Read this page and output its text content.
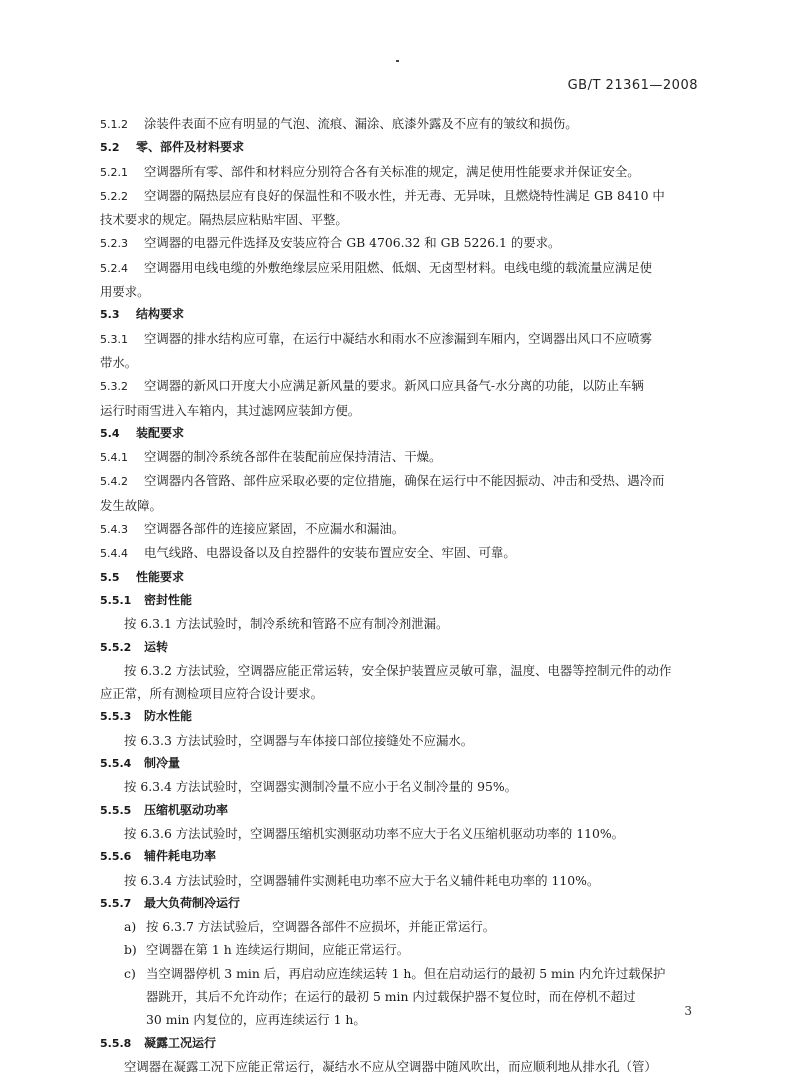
GB/T 21361—2008
5.1.2 涂装件表面不应有明显的气泡、流痕、漏涂、底漆外露及不应有的皱纹和损伤。
5.2 零、部件及材料要求
5.2.1 空调器所有零、部件和材料应分别符合各有关标准的规定，满足使用性能要求并保证安全。
5.2.2 空调器的隔热层应有良好的保温性和不吸水性，并无毒、无异味，且燃烧特性满足 GB 8410 中
技术要求的规定。隔热层应粘贴牢固、平整。
5.2.3 空调器的电器元件选择及安装应符合 GB 4706.32 和 GB 5226.1 的要求。
5.2.4 空调器用电线电缆的外敷绝缘层应采用阻燃、低烟、无卤型材料。电线电缆的载流量应满足使
用要求。
5.3 结构要求
5.3.1 空调器的排水结构应可靠，在运行中凝结水和雨水不应渗漏到车厢内，空调器出风口不应喷雾
带水。
5.3.2 空调器的新风口开度大小应满足新风量的要求。新风口应具备气-水分离的功能，以防止车辆
运行时雨雪进入车箱内，其过滤网应装卸方便。
5.4 装配要求
5.4.1 空调器的制冷系统各部件在装配前应保持清洁、干燥。
5.4.2 空调器内各管路、部件应采取必要的定位措施，确保在运行中不能因振动、冲击和受热、遇冷而
发生故障。
5.4.3 空调器各部件的连接应紧固，不应漏水和漏油。
5.4.4 电气线路、电器设备以及自控器件的安装布置应安全、牢固、可靠。
5.5 性能要求
5.5.1 密封性能
按 6.3.1 方法试验时，制冷系统和管路不应有制冷剂泄漏。
5.5.2 运转
按 6.3.2 方法试验，空调器应能正常运转，安全保护装置应灵敏可靠，温度、电器等控制元件的动作
应正常，所有测检项目应符合设计要求。
5.5.3 防水性能
按 6.3.3 方法试验时，空调器与车体接口部位接缝处不应漏水。
5.5.4 制冷量
按 6.3.4 方法试验时，空调器实测制冷量不应小于名义制冷量的 95%。
5.5.5 压缩机驱动功率
按 6.3.6 方法试验时，空调器压缩机实测驱动功率不应大于名义压缩机驱动功率的 110%。
5.5.6 辅件耗电功率
按 6.3.4 方法试验时，空调器辅件实测耗电功率不应大于名义辅件耗电功率的 110%。
5.5.7 最大负荷制冷运行
a) 按 6.3.7 方法试验后，空调器各部件不应损坏，并能正常运行。
b) 空调器在第 1 h 连续运行期间，应能正常运行。
c) 当空调器停机 3 min 后，再启动应连续运转 1 h。但在启动运行的最初 5 min 内允许过载保护
器跳开，其后不允许动作；在运行的最初 5 min 内过载保护器不复位时，而在停机不超过
30 min 内复位的，应再连续运行 1 h。
5.5.8 凝露工况运行
空调器在凝露工况下应能正常运行，凝结水不应从空调器中随风吹出，而应顺利地从排水孔（管）
3
